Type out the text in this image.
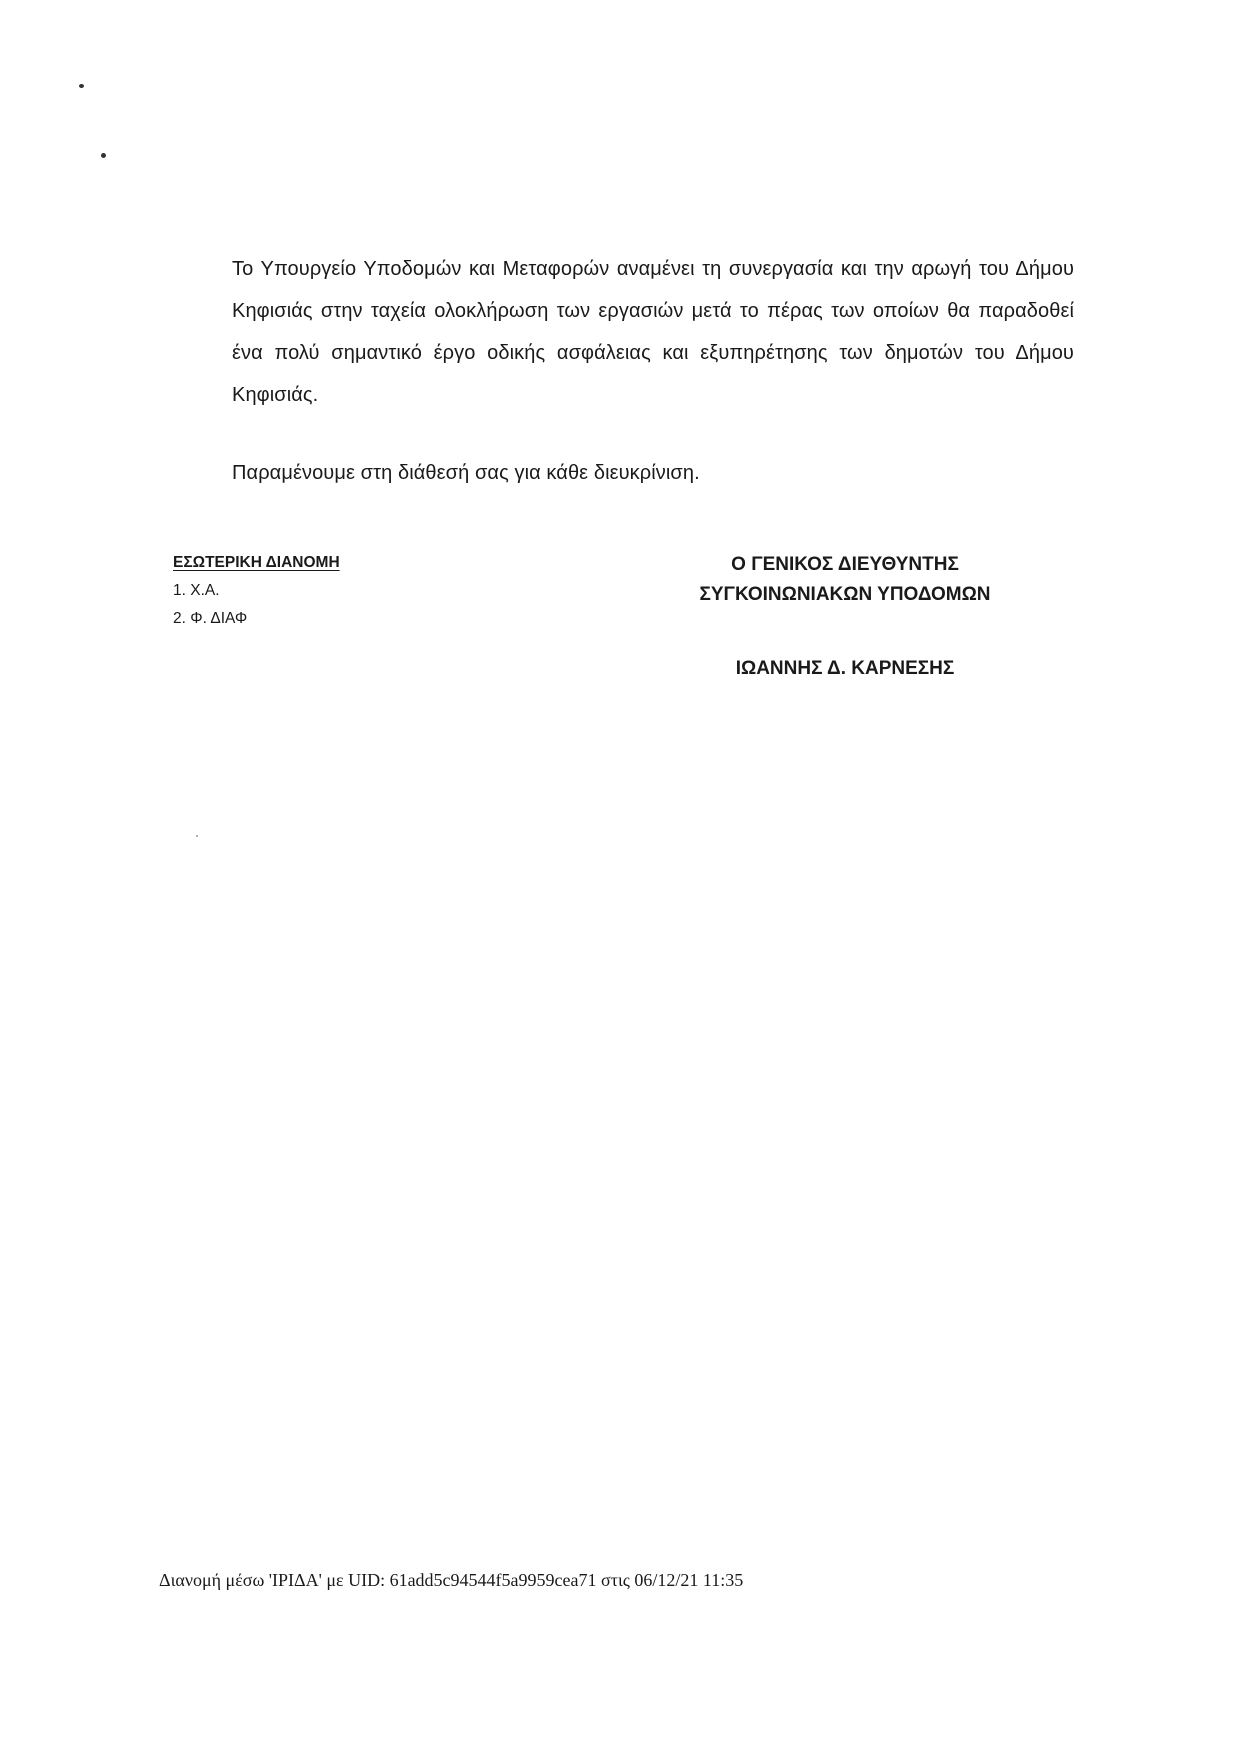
Το Υπουργείο Υποδομών και Μεταφορών αναμένει τη συνεργασία και την αρωγή του Δήμου Κηφισιάς στην ταχεία ολοκλήρωση των εργασιών μετά το πέρας των οποίων θα παραδοθεί ένα πολύ σημαντικό έργο οδικής ασφάλειας και εξυπηρέτησης των δημοτών του Δήμου Κηφισιάς.

Παραμένουμε στη διάθεσή σας για κάθε διευκρίνιση.

ΕΣΩΤΕΡΙΚΗ ΔΙΑΝΟΜΗ
1. Χ.Α.
2. Φ. ΔΙΑΦ
Ο ΓΕΝΙΚΟΣ ΔΙΕΥΘΥΝΤΗΣ
ΣΥΓΚΟΙΝΩΝΙΑΚΩΝ ΥΠΟΔΟΜΩΝ
ΙΩΑΝΝΗΣ Δ. ΚΑΡΝΕΣΗΣ
Διανομή μέσω 'ΙΡΙΔΑ' με UID: 61add5c94544f5a9959cea71 στις 06/12/21 11:35
